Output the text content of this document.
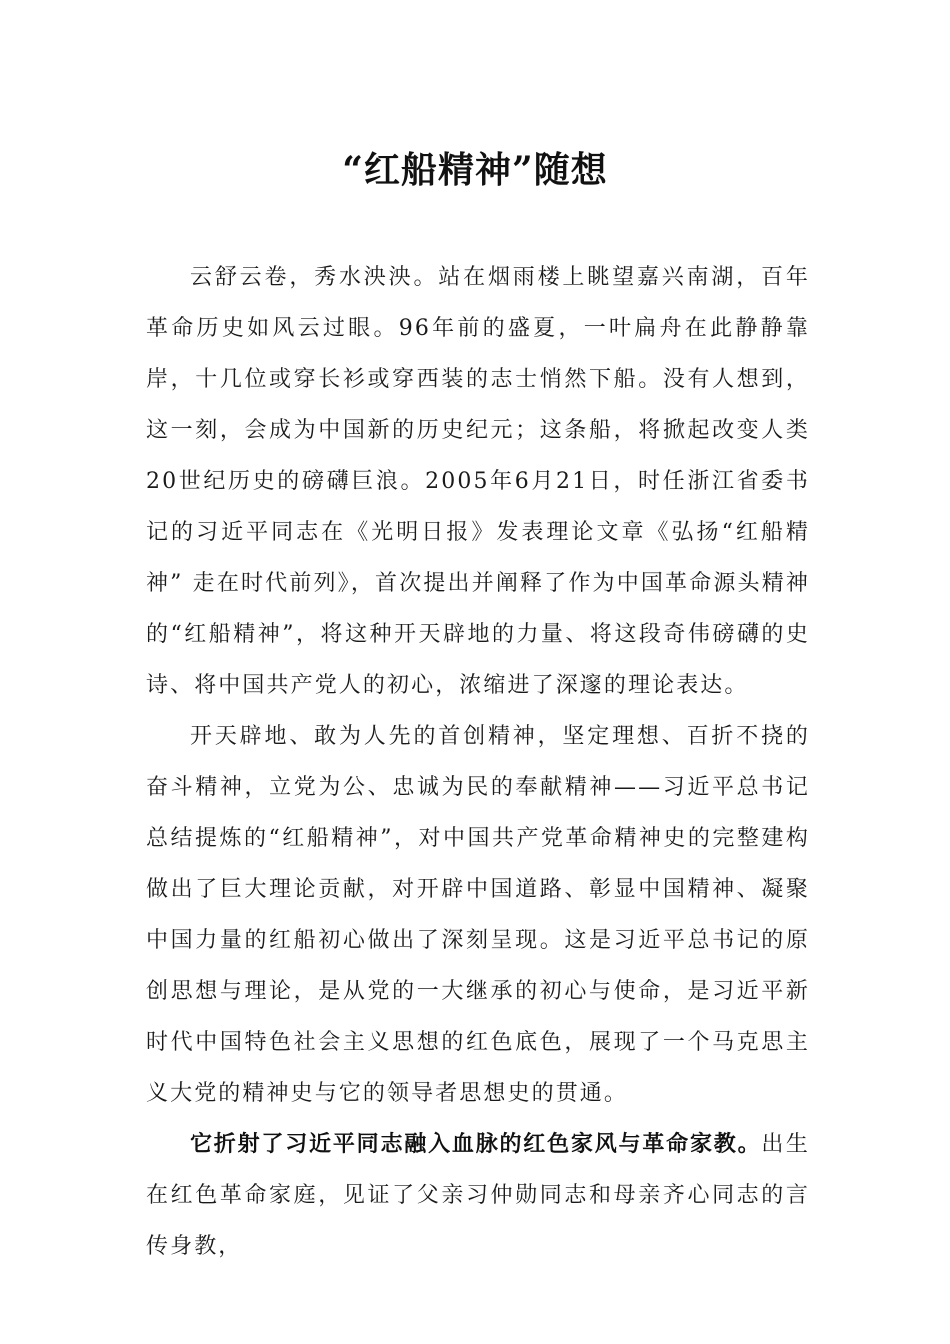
“红船精神”随想

云舒云卷，秀水泱泱。站在烟雨楼上眺望嘉兴南湖，百年革命历史如风云过眼。96年前的盛夏，一叶扁舟在此静静靠岸，十几位或穿长衫或穿西装的志士悄然下船。没有人想到，这一刻，会成为中国新的历史纪元；这条船，将掀起改变人类20世纪历史的磅礴巨浪。2005年6月21日，时任浙江省委书记的习近平同志在《光明日报》发表理论文章《弘扬“红船精神” 走在时代前列》，首次提出并阐释了作为中国革命源头精神的“红船精神”，将这种开天辟地的力量、将这段奇伟磅礴的史诗、将中国共产党人的初心，浓缩进了深邃的理论表达。

开天辟地、敢为人先的首创精神，坚定理想、百折不挠的奋斗精神，立党为公、忠诚为民的奉献精神——习近平总书记总结提炼的“红船精神”，对中国共产党革命精神史的完整建构做出了巨大理论贡献，对开辟中国道路、彰显中国精神、凝聚中国力量的红船初心做出了深刻呈现。这是习近平总书记的原创思想与理论，是从党的一大继承的初心与使命，是习近平新时代中国特色社会主义思想的红色底色，展现了一个马克思主义大党的精神史与它的领导者思想史的贯通。

它折射了习近平同志融入血脉的红色家风与革命家教。出生在红色革命家庭，见证了父亲习仲勋同志和母亲齐心同志的言传身教，
